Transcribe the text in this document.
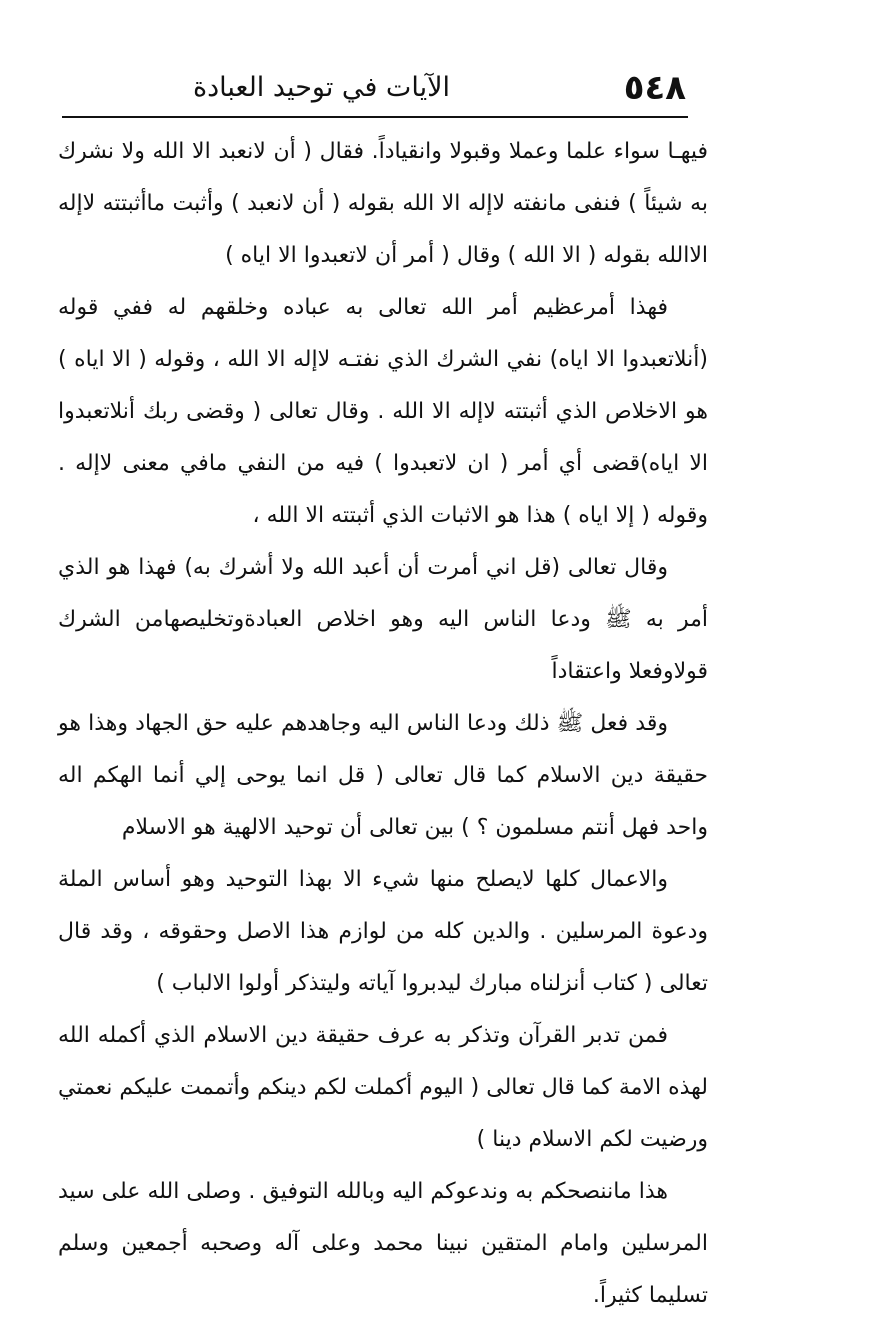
٥٤٨
الآيات في توحيد العبادة

فيهـا سواء علما وعملا وقبولا وانقياداً. فقال ( أن لانعبد الا الله ولا نشرك به شيئاً ) فنفى مانفته لاإله الا الله بقوله ( أن لانعبد ) وأثبت ماأثبتته لاإله الاالله بقوله ( الا الله ) وقال ( أمر أن لاتعبدوا الا اياه )

فهذا أمرعظيم أمر الله تعالى به عباده وخلقهم له ففي قوله (أنلاتعبدوا الا اياه) نفي الشرك الذي نفتـه لاإله الا الله ، وقوله ( الا اياه ) هو الاخلاص الذي أثبتته لاإله الا الله . وقال تعالى ( وقضى ربك أنلاتعبدوا الا اياه)قضى أي أمر ( ان لاتعبدوا ) فيه من النفي مافي معنى لاإله . وقوله ( إلا اياه ) هذا هو الاثبات الذي أثبتته الا الله ،

وقال تعالى (قل اني أمرت أن أعبد الله ولا أشرك به) فهذا هو الذي أمر به ﷺ ودعا الناس اليه وهو اخلاص العبادةوتخليصهامن الشرك قولاوفعلا واعتقاداً

وقد فعل ﷺ ذلك ودعا الناس اليه وجاهدهم عليه حق الجهاد وهذا هو حقيقة دين الاسلام كما قال تعالى ( قل انما يوحى إلي أنما الهكم اله واحد فهل أنتم مسلمون ؟ ) بين تعالى أن توحيد الالهية هو الاسلام

والاعمال كلها لايصلح منها شيء الا بهذا التوحيد وهو أساس الملة ودعوة المرسلين . والدين كله من لوازم هذا الاصل وحقوقه ، وقد قال تعالى ( كتاب أنزلناه مبارك ليدبروا آياته وليتذكر أولوا الالباب )

فمن تدبر القرآن وتذكر به عرف حقيقة دين الاسلام الذي أكمله الله لهذه الامة كما قال تعالى ( اليوم أكملت لكم دينكم وأتممت عليكم نعمتي ورضيت لكم الاسلام دينا )

هذا ماننصحكم به وندعوكم اليه وبالله التوفيق . وصلى الله على سيد المرسلين وامام المتقين نبينا محمد وعلى آله وصحبه أجمعين وسلم تسليما كثيراً.
